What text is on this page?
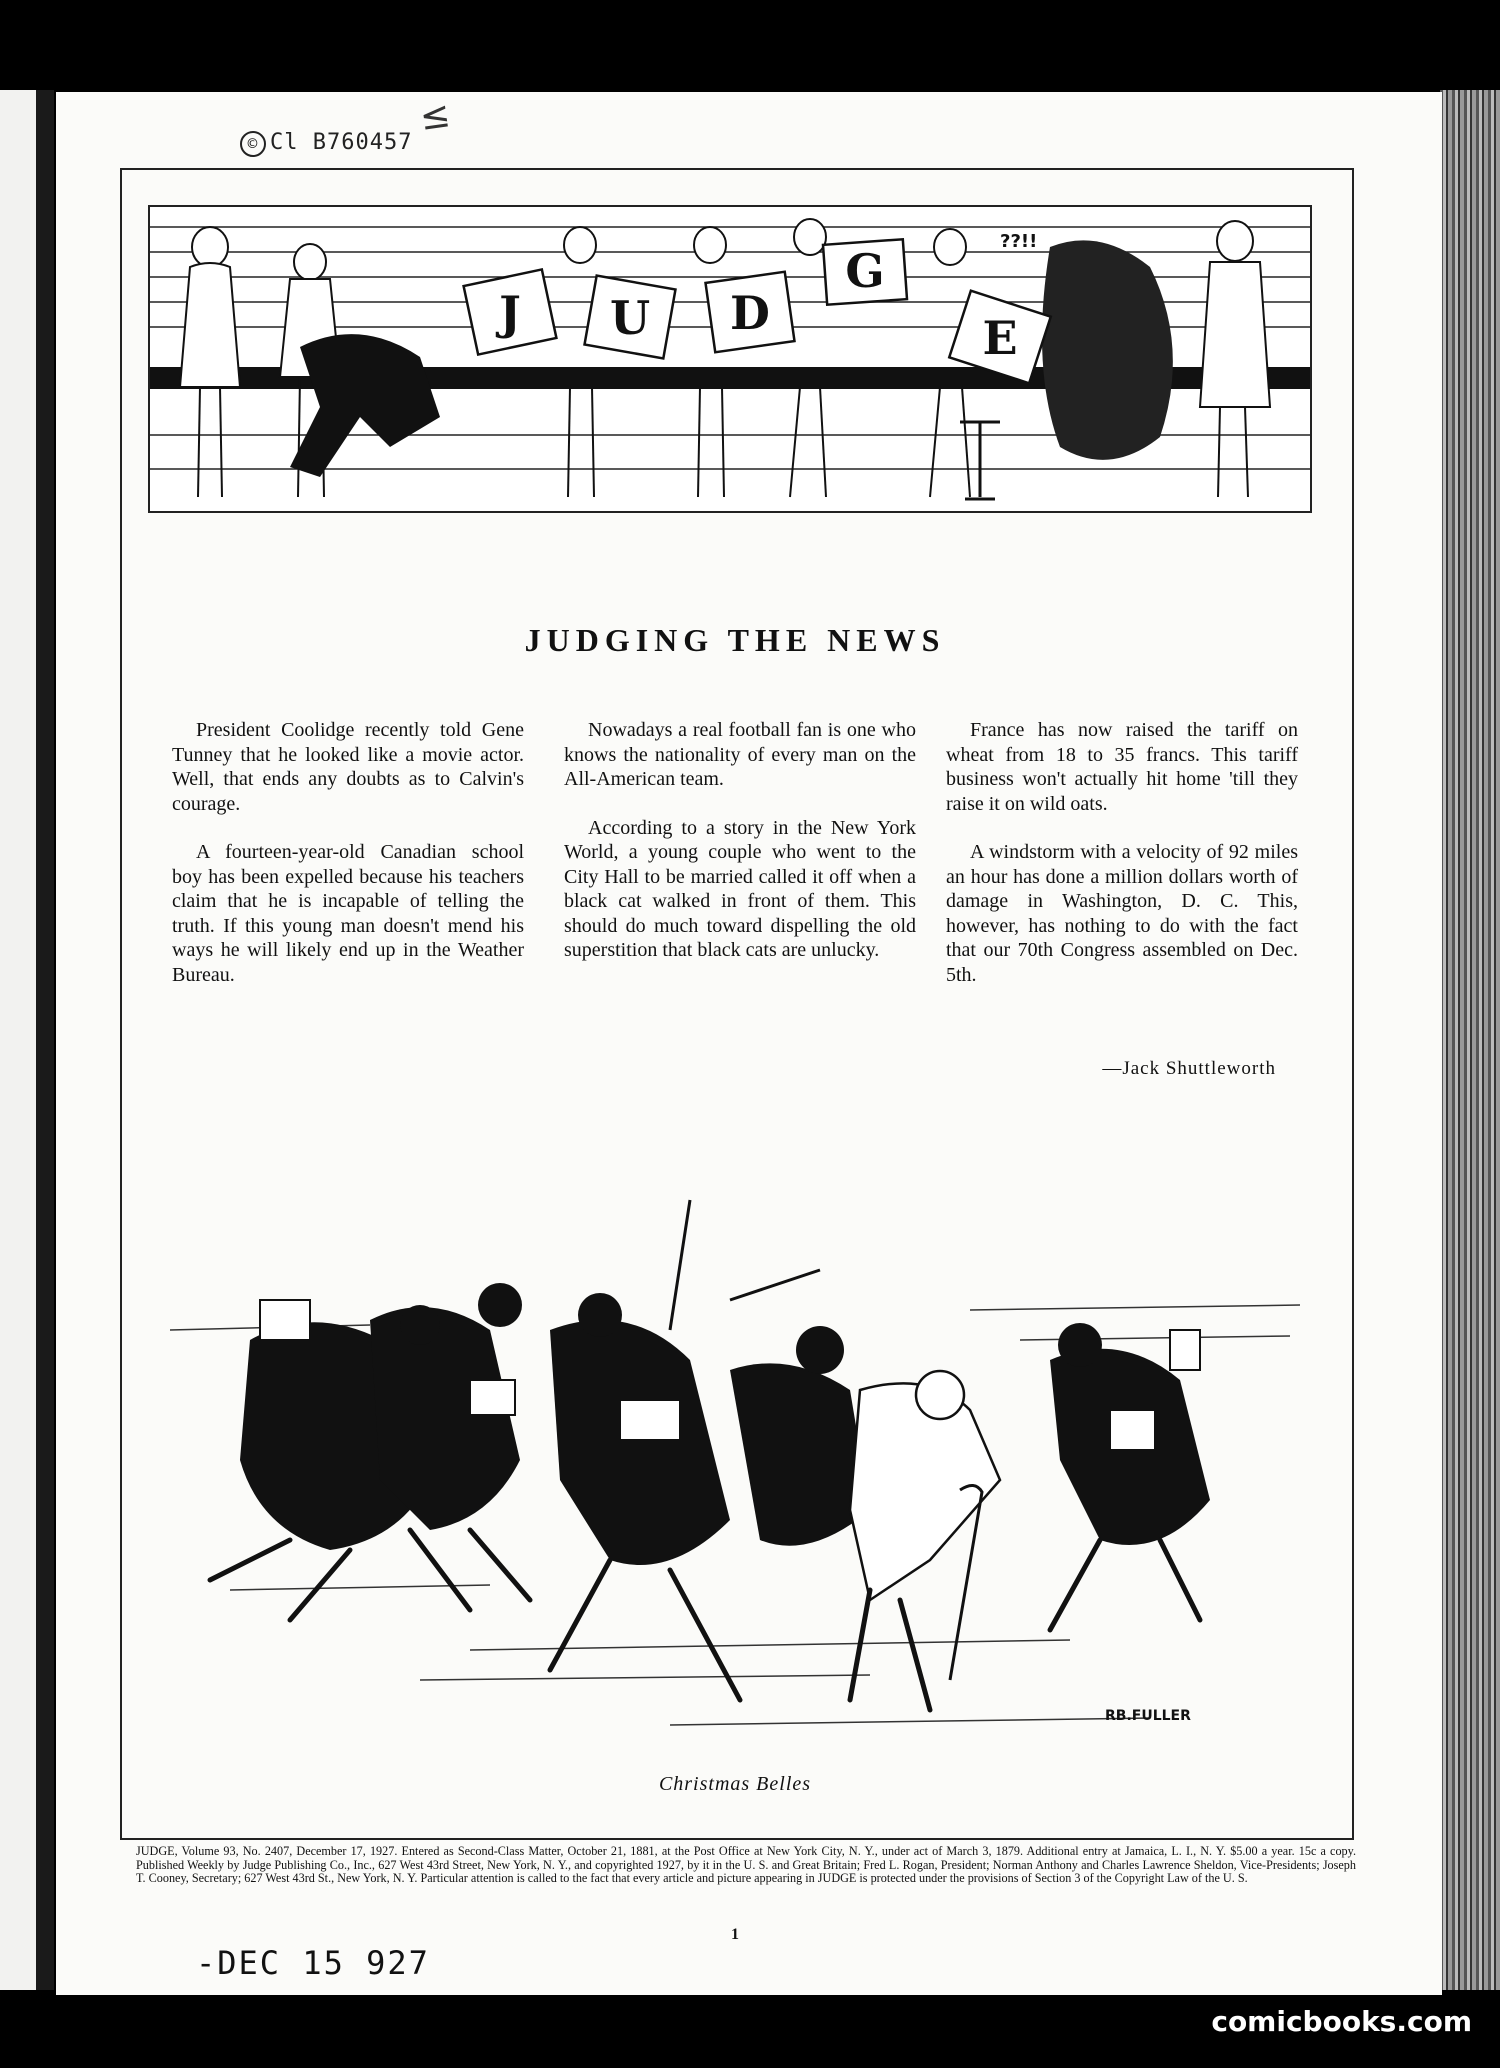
© Cl B760457
≤
J U D
G
E
??!!
JUDGING THE NEWS

President Coolidge recently told Gene Tunney that he looked like a movie actor. Well, that ends any doubts as to Calvin's courage.

A fourteen-year-old Canadian school boy has been expelled because his teachers claim that he is incapable of telling the truth. If this young man doesn't mend his ways he will likely end up in the Weather Bureau.

Nowadays a real football fan is one who knows the nationality of every man on the All-American team.

According to a story in the New York World, a young couple who went to the City Hall to be married called it off when a black cat walked in front of them. This should do much toward dispelling the old superstition that black cats are unlucky.

France has now raised the tariff on wheat from 18 to 35 francs. This tariff business won't actually hit home 'till they raise it on wild oats.

A windstorm with a velocity of 92 miles an hour has done a million dollars worth of damage in Washington, D. C. This, however, has nothing to do with the fact that our 70th Congress assembled on Dec. 5th.

—Jack Shuttleworth
RB.FULLER
Christmas Belles
JUDGE, Volume 93, No. 2407, December 17, 1927. Entered as Second-Class Matter, October 21, 1881, at the Post Office at New York City, N. Y., under act of March 3, 1879. Additional entry at Jamaica, L. I., N. Y. $5.00 a year. 15c a copy. Published Weekly by Judge Publishing Co., Inc., 627 West 43rd Street, New York, N. Y., and copyrighted 1927, by it in the U. S. and Great Britain; Fred L. Rogan, President; Norman Anthony and Charles Lawrence Sheldon, Vice-Presidents; Joseph T. Cooney, Secretary; 627 West 43rd St., New York, N. Y. Particular attention is called to the fact that every article and picture appearing in JUDGE is protected under the provisions of Section 3 of the Copyright Law of the U. S.
1
-DEC 15 927
comicbooks.com
